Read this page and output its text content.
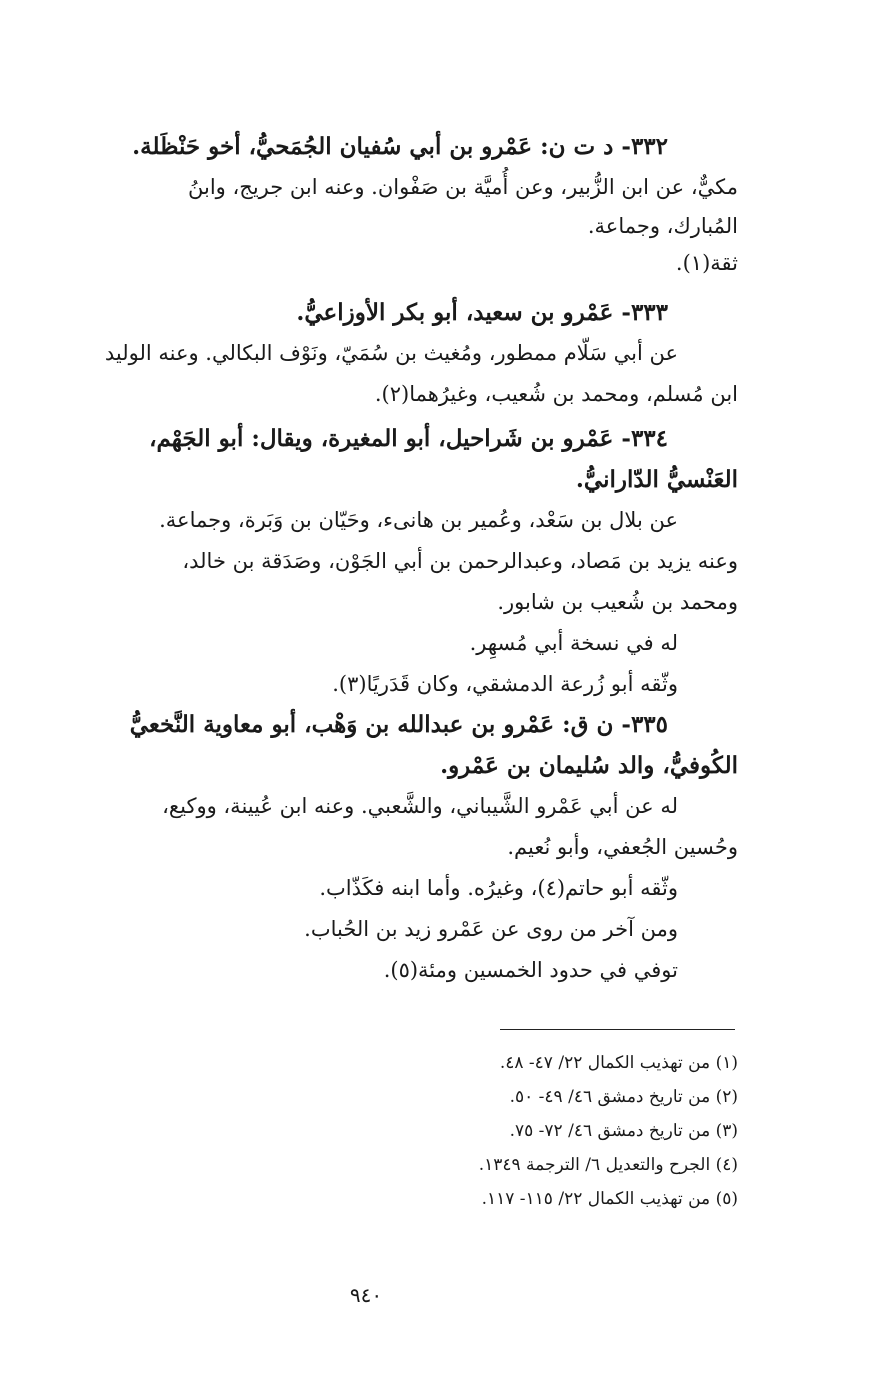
٣٣٢- د ت ن: عَمْرو بن أبي سُفيان الجُمَحيُّ، أخو حَنْظَلة.
مكيٌّ، عن ابن الزُّبير، وعن أُميَّة بن صَفْوان. وعنه ابن جريج، وابنُ
المُبارك، وجماعة.
ثقة(١).
٣٣٣- عَمْرو بن سعيد، أبو بكر الأوزاعيُّ.
عن أبي سَلّام ممطور، ومُغيث بن سُمَيّ، ونَوْف البكالي. وعنه الوليد
ابن مُسلم، ومحمد بن شُعيب، وغيرُهما(٢).
٣٣٤- عَمْرو بن شَراحيل، أبو المغيرة، ويقال: أبو الجَهْم،
العَنْسيُّ الدّارانيُّ.
عن بلال بن سَعْد، وعُمير بن هانىء، وحَيّان بن وَبَرة، وجماعة.
وعنه يزيد بن مَصاد، وعبدالرحمن بن أبي الجَوْن، وصَدَقة بن خالد،
ومحمد بن شُعيب بن شابور.
له في نسخة أبي مُسهِر.
وثّقه أبو زُرعة الدمشقي، وكان قَدَريًا(٣).
٣٣٥- ن ق: عَمْرو بن عبدالله بن وَهْب، أبو معاوية النَّخعيُّ
الكُوفيُّ، والد سُليمان بن عَمْرو.
له عن أبي عَمْرو الشَّيباني، والشَّعبي. وعنه ابن عُيينة، ووكيع،
وحُسين الجُعفي، وأبو نُعيم.
وثّقه أبو حاتم(٤)، وغيرُه. وأما ابنه فكَذّاب.
ومن آخر من روى عن عَمْرو زيد بن الحُباب.
توفي في حدود الخمسين ومئة(٥).
(١) من تهذيب الكمال ٢٢/ ٤٧- ٤٨.
(٢) من تاريخ دمشق ٤٦/ ٤٩- ٥٠.
(٣) من تاريخ دمشق ٤٦/ ٧٢- ٧٥.
(٤) الجرح والتعديل ٦/ الترجمة ١٣٤٩.
(٥) من تهذيب الكمال ٢٢/ ١١٥- ١١٧.
٩٤٠
